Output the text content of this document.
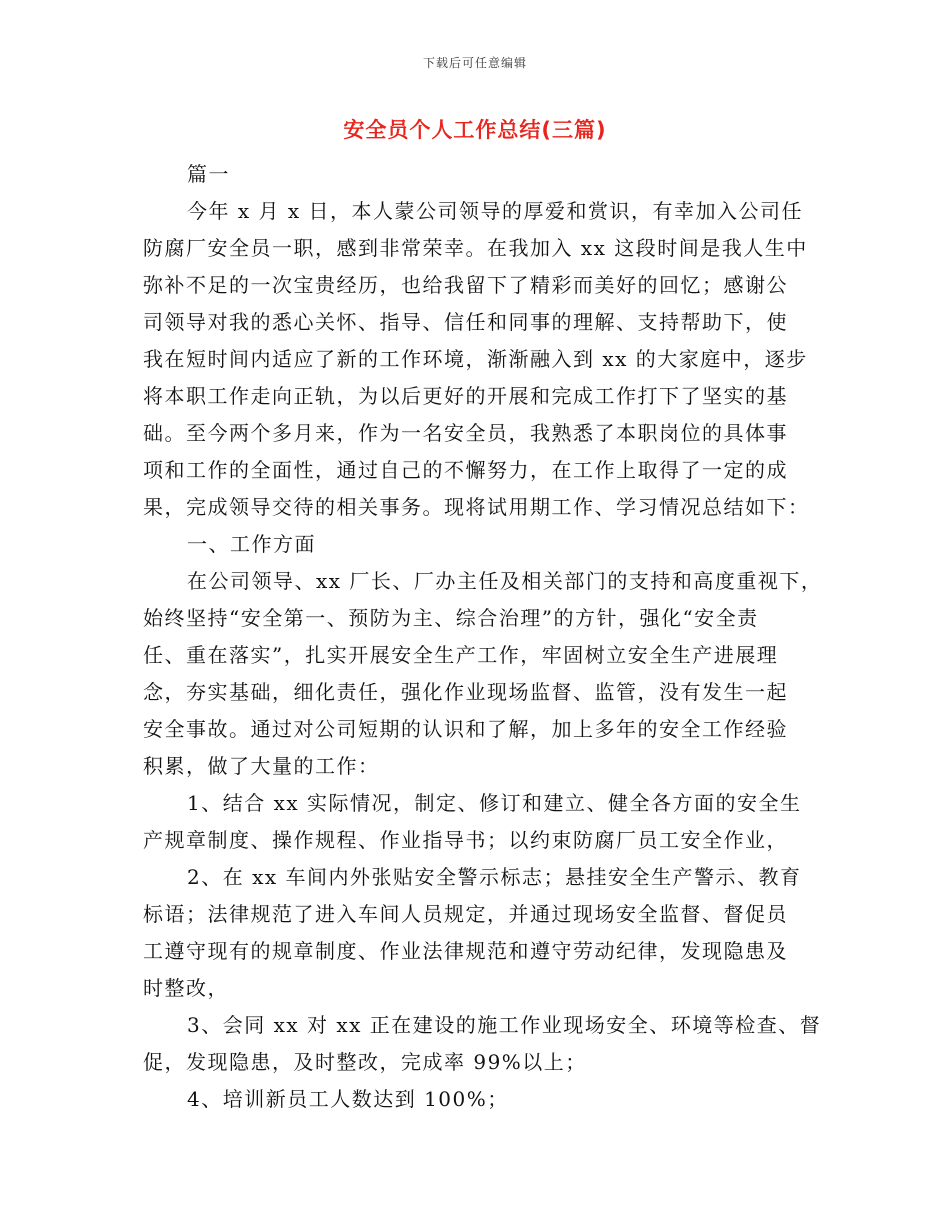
下载后可任意编辑
安全员个人工作总结(三篇)
篇一
今年 x 月 x 日，本人蒙公司领导的厚爱和赏识，有幸加入公司任
防腐厂安全员一职，感到非常荣幸。在我加入 xx 这段时间是我人生中
弥补不足的一次宝贵经历，也给我留下了精彩而美好的回忆；感谢公
司领导对我的悉心关怀、指导、信任和同事的理解、支持帮助下，使
我在短时间内适应了新的工作环境，渐渐融入到 xx 的大家庭中，逐步
将本职工作走向正轨，为以后更好的开展和完成工作打下了坚实的基
础。至今两个多月来，作为一名安全员，我熟悉了本职岗位的具体事
项和工作的全面性，通过自己的不懈努力，在工作上取得了一定的成
果，完成领导交待的相关事务。现将试用期工作、学习情况总结如下：
一、工作方面
在公司领导、xx 厂长、厂办主任及相关部门的支持和高度重视下，
始终坚持“安全第一、预防为主、综合治理”的方针，强化“安全责
任、重在落实”，扎实开展安全生产工作，牢固树立安全生产进展理
念，夯实基础，细化责任，强化作业现场监督、监管，没有发生一起
安全事故。通过对公司短期的认识和了解，加上多年的安全工作经验
积累，做了大量的工作：
1、结合 xx 实际情况，制定、修订和建立、健全各方面的安全生
产规章制度、操作规程、作业指导书；以约束防腐厂员工安全作业，
2、在 xx 车间内外张贴安全警示标志；悬挂安全生产警示、教育
标语；法律规范了进入车间人员规定，并通过现场安全监督、督促员
工遵守现有的规章制度、作业法律规范和遵守劳动纪律，发现隐患及
时整改，
3、会同 xx 对 xx 正在建设的施工作业现场安全、环境等检查、督
促，发现隐患，及时整改，完成率 99%以上；
4、培训新员工人数达到 100%；
